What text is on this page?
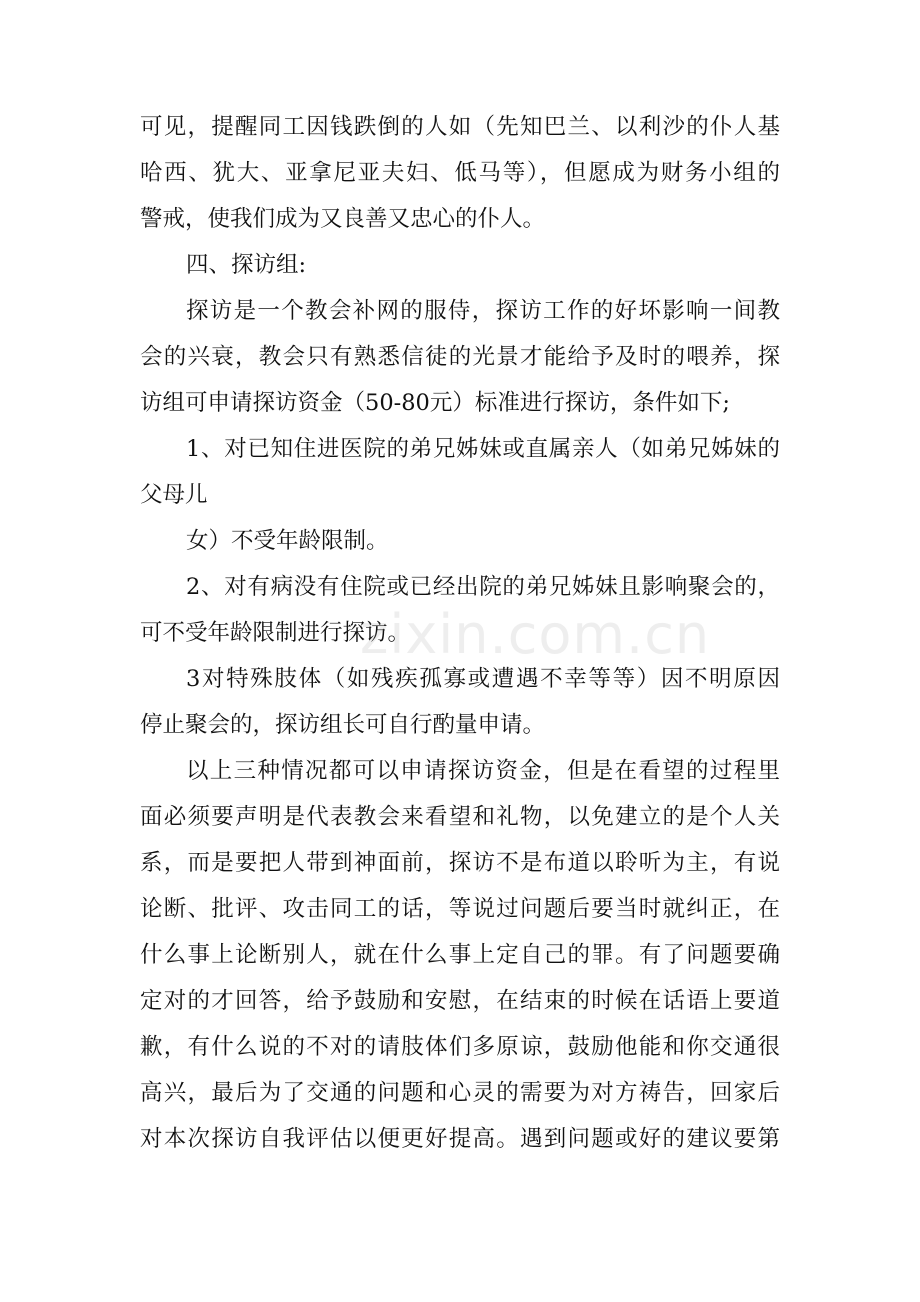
可见，提醒同工因钱跌倒的人如（先知巴兰、以利沙的仆人基
哈西、犹大、亚拿尼亚夫妇、低马等），但愿成为财务小组的
警戒，使我们成为又良善又忠心的仆人。
四、探访组:
探访是一个教会补网的服侍，探访工作的好坏影响一间教
会的兴衰，教会只有熟悉信徒的光景才能给予及时的喂养，探
访组可申请探访资金（50-80元）标准进行探访，条件如下;
1、对已知住进医院的弟兄姊妹或直属亲人（如弟兄姊妹的
父母儿
女）不受年龄限制。
2、对有病没有住院或已经出院的弟兄姊妹且影响聚会的，
可不受年龄限制进行探访。
3对特殊肢体（如残疾孤寡或遭遇不幸等等）因不明原因
停止聚会的，探访组长可自行酌量申请。
以上三种情况都可以申请探访资金，但是在看望的过程里
面必须要声明是代表教会来看望和礼物，以免建立的是个人关
系，而是要把人带到神面前，探访不是布道以聆听为主，有说
论断、批评、攻击同工的话，等说过问题后要当时就纠正，在
什么事上论断别人，就在什么事上定自己的罪。有了问题要确
定对的才回答，给予鼓励和安慰，在结束的时候在话语上要道
歉，有什么说的不对的请肢体们多原谅，鼓励他能和你交通很
高兴，最后为了交通的问题和心灵的需要为对方祷告，回家后
对本次探访自我评估以便更好提高。遇到问题或好的建议要第
zixin.com.cn
